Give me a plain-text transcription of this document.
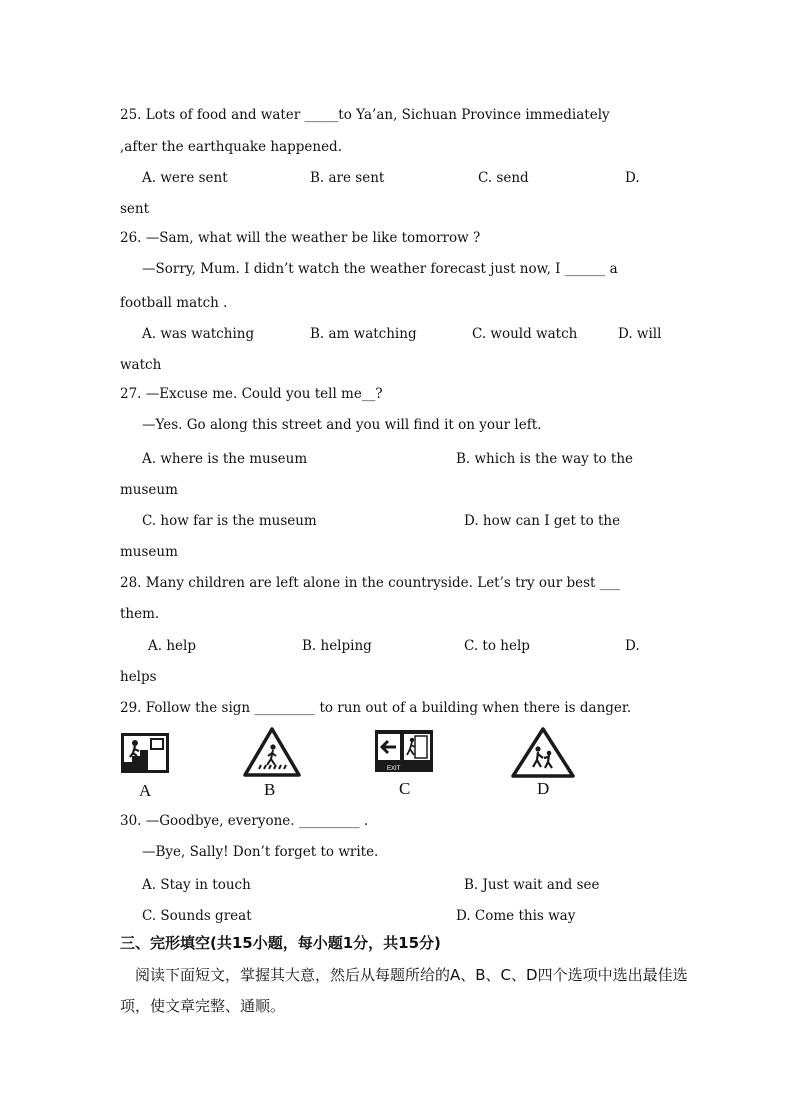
25. Lots of food and water _____to Ya’an, Sichuan Province immediately
,after the earthquake happened.
A. were sent	B. are sent	C. send	D.
sent
26. —Sam, what will the weather be like tomorrow ?
—Sorry, Mum. I didn’t watch the weather forecast just now, I ______ a
football match .
A. was watching	B. am watching	C. would watch	D. will
watch
27. —Excuse me. Could you tell me__?
—Yes. Go along this street and you will find it on your left.
A. where is the museum	B. which is the way to the
museum
C. how far is the museum	D. how can I get to the
museum
28. Many children are left alone in the countryside. Let’s try our best ___
them.
A. help	B. helping	C. to help	D.
helps
29. Follow the sign _________ to run out of a building when there is danger.
A	B
EXIT
C	D
30. —Goodbye, everyone. _________ .
—Bye, Sally! Don’t forget to write.
A. Stay in touch	B. Just wait and see
C. Sounds great	D. Come this way
三、完形填空(共15小题，每小题1分，共15分)
阅读下面短文，掌握其大意，然后从每题所给的A、B、C、D四个选项中选出最佳选
项，使文章完整、通顺。
